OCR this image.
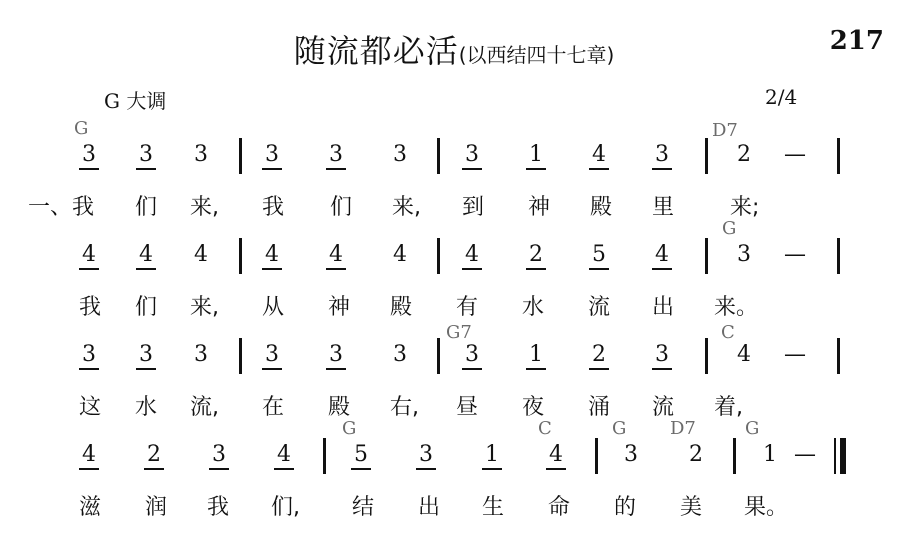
随流都必活(以西结四十七章)	217
G 大调	2/4
3	3	3	3	3	3	3	1	4	3	2	—
G	D7
一、我 们 来, 我 们 来, 到 神 殿 里	来;
4	4	4	4	4	4	4	2	5	4	3	—
G
我 们 来, 从 神 殿 有 水 流 出 来。
3	3	3	3	3	3	3	1	2	3	4	—
G7	C
这 水 流, 在 殿 右, 昼 夜 涌 流 着,
4	2	3	4	5	3	1	4	3	2	1 —
G	C	G D7	G
滋 润 我 们, 结 出 生 命 的 美 果。
